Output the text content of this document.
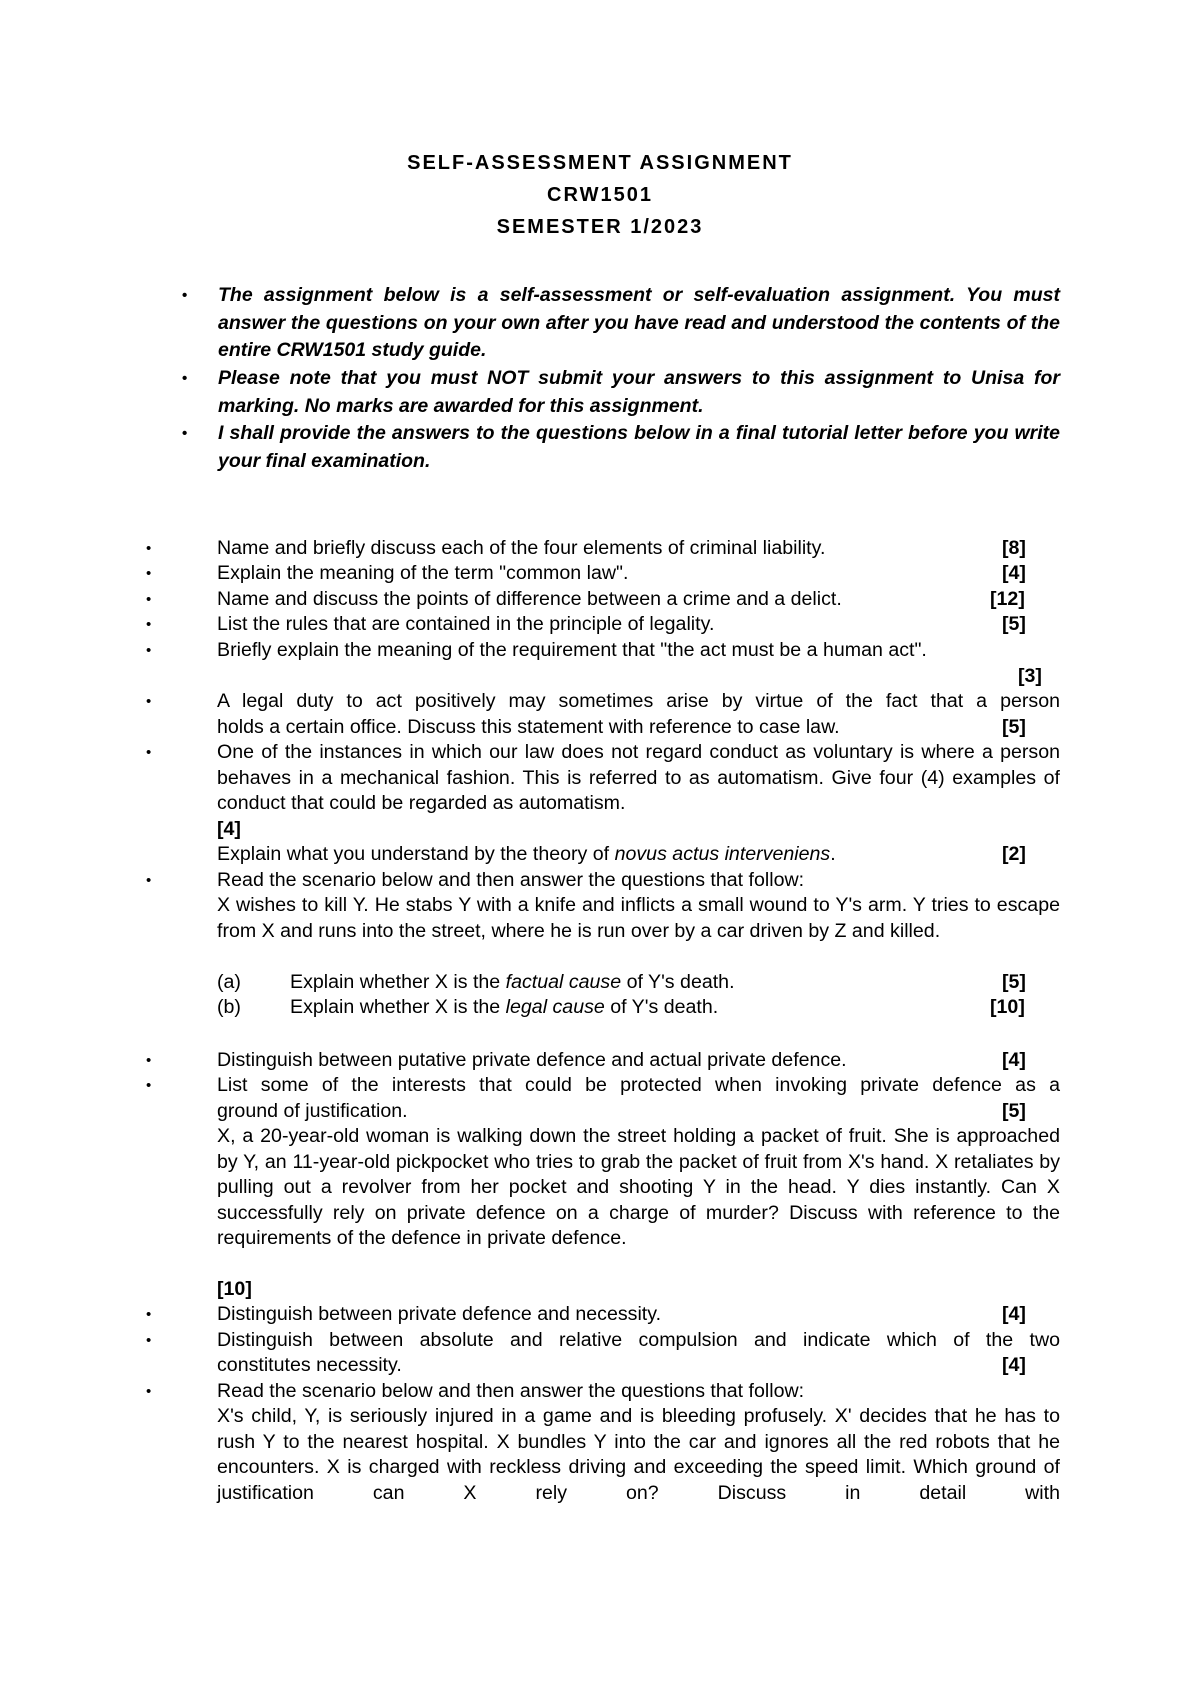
SELF-ASSESSMENT ASSIGNMENT
CRW1501
SEMESTER 1/2023
• The assignment below is a self-assessment or self-evaluation assignment. You must answer the questions on your own after you have read and understood the contents of the entire CRW1501 study guide.
• Please note that you must NOT submit your answers to this assignment to Unisa for marking. No marks are awarded for this assignment.
• I shall provide the answers to the questions below in a final tutorial letter before you write your final examination.
•	Name and briefly discuss each of the four elements of criminal liability.	[8]
•	Explain the meaning of the term "common law".	[4]
•	Name and discuss the points of difference between a crime and a delict.	[12]
•	List the rules that are contained in the principle of legality.	[5]
•	Briefly explain the meaning of the requirement that "the act must be a human act".
[3]
•	A legal duty to act positively may sometimes arise by virtue of the fact that a person
holds a certain office. Discuss this statement with reference to case law.	[5]
•	One of the instances in which our law does not regard conduct as voluntary is where a person behaves in a mechanical fashion. This is referred to as automatism. Give four (4) examples of conduct that could be regarded as automatism.
[4]
Explain what you understand by the theory of novus actus interveniens.	[2]
•	Read the scenario below and then answer the questions that follow:
X wishes to kill Y. He stabs Y with a knife and inflicts a small wound to Y's arm. Y tries to escape from X and runs into the street, where he is run over by a car driven by Z and killed.
(a)	Explain whether X is the factual cause of Y's death.	[5]
(b)	Explain whether X is the legal cause of Y's death.	[10]
•	Distinguish between putative private defence and actual private defence.	[4]
•	List some of the interests that could be protected when invoking private defence as a
ground of justification.	[5]
X, a 20-year-old woman is walking down the street holding a packet of fruit. She is approached by Y, an 11-year-old pickpocket who tries to grab the packet of fruit from X's hand. X retaliates by pulling out a revolver from her pocket and shooting Y in the head. Y dies instantly. Can X successfully rely on private defence on a charge of murder? Discuss with reference to the requirements of the defence in private defence.
[10]
•	Distinguish between private defence and necessity.	[4]
•	Distinguish between absolute and relative compulsion and indicate which of the two
constitutes necessity.	[4]
•	Read the scenario below and then answer the questions that follow:
X's child, Y, is seriously injured in a game and is bleeding profusely. X' decides that he has to rush Y to the nearest hospital. X bundles Y into the car and ignores all the red robots that he encounters. X is charged with reckless driving and exceeding the speed limit. Which ground of justification can X rely on? Discuss in detail with
